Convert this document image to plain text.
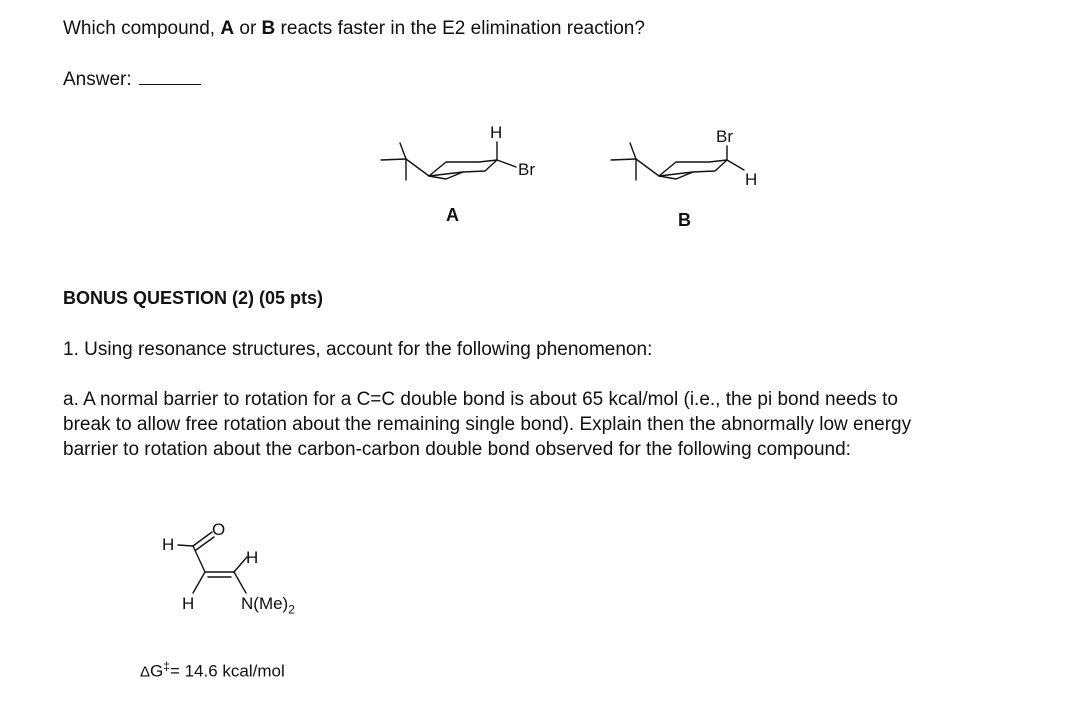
Which compound, A or B reacts faster in the E2 elimination reaction?
Answer:
H
Br
A
Br
H
B
BONUS QUESTION (2) (05 pts)
1. Using resonance structures, account for the following phenomenon:
a. A normal barrier to rotation for a C=C double bond is about 65 kcal/mol (i.e., the pi bond needs to
break to allow free rotation about the remaining single bond). Explain then the abnormally low energy
barrier to rotation about the carbon-carbon double bond observed for the following compound:
H
O
H
H	$N(Me)_2$
ΔG‡= 14.6 kcal/mol
